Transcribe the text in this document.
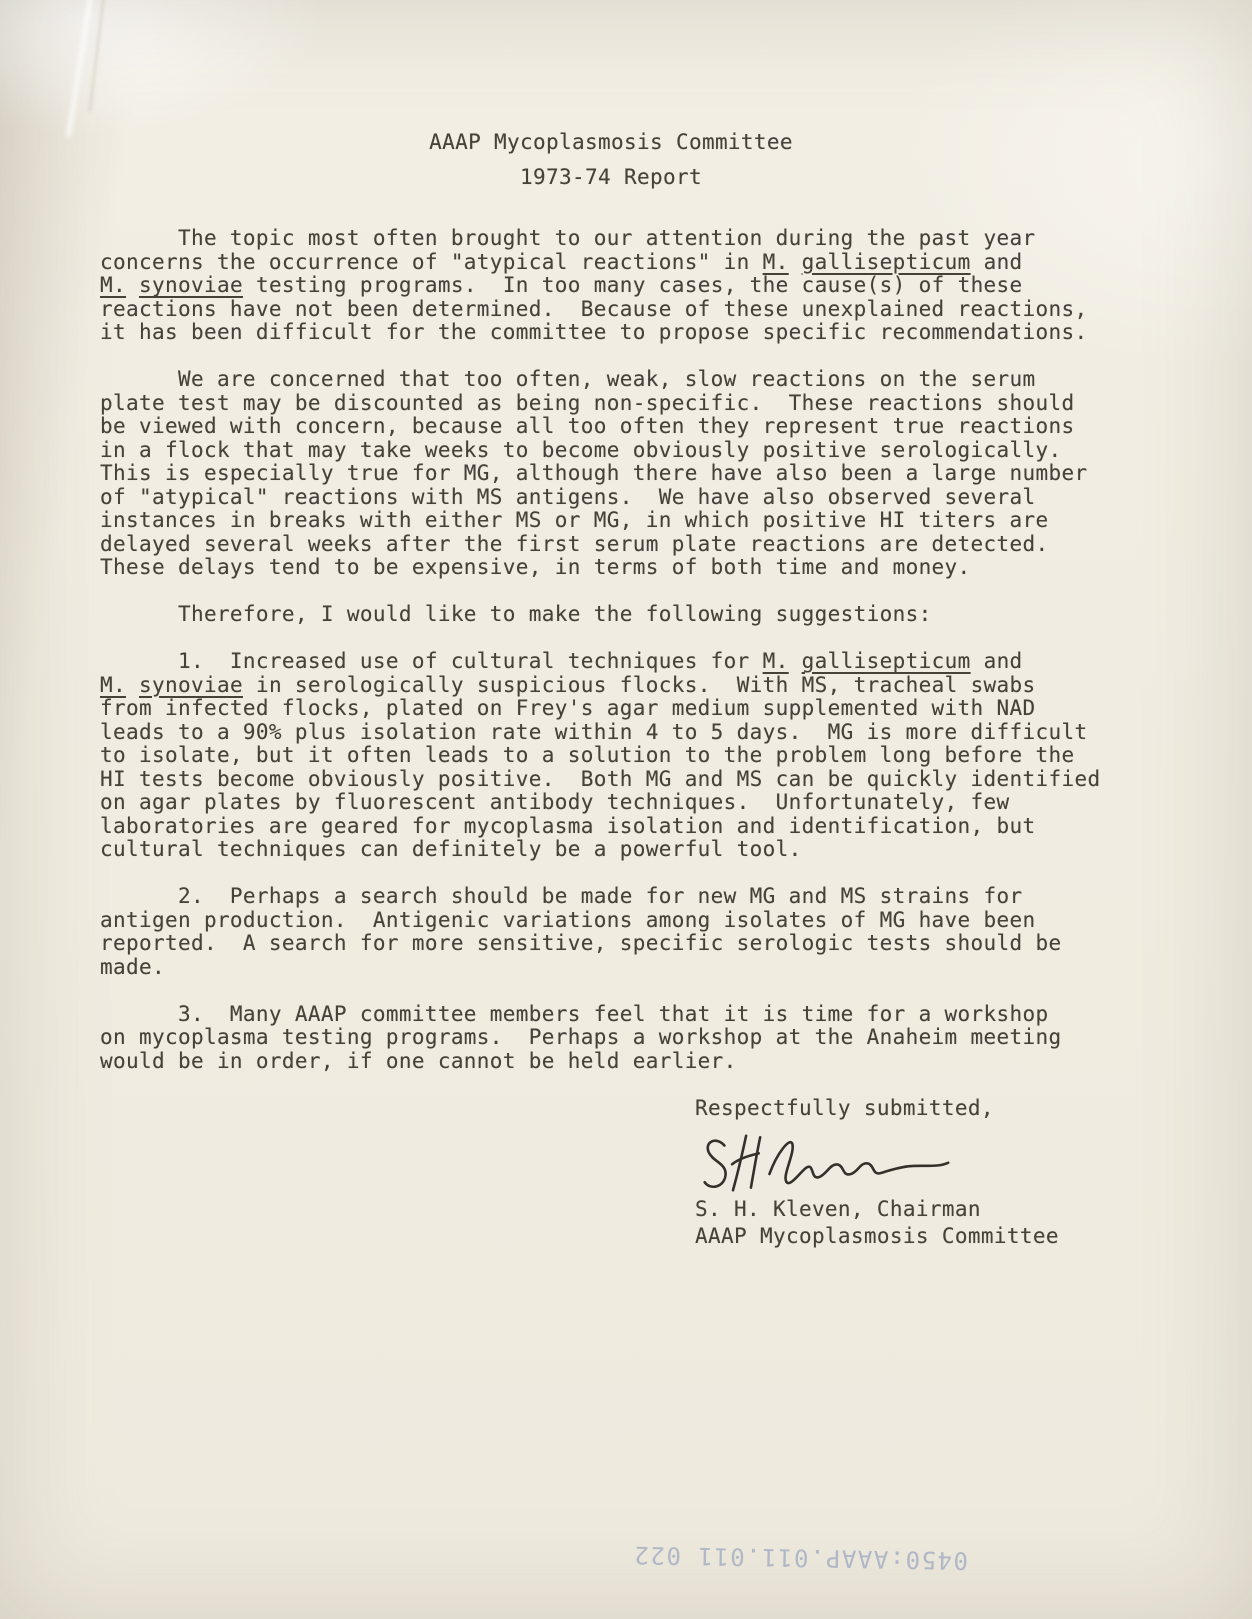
AAAP Mycoplasmosis Committee
1973-74 Report
The topic most often brought to our attention during the past year
concerns the occurrence of "atypical reactions" in M. gallisepticum and
M. synoviae testing programs.  In too many cases, the cause(s) of these
reactions have not been determined.  Because of these unexplained reactions,
it has been difficult for the committee to propose specific recommendations.
We are concerned that too often, weak, slow reactions on the serum
plate test may be discounted as being non-specific.  These reactions should
be viewed with concern, because all too often they represent true reactions
in a flock that may take weeks to become obviously positive serologically.
This is especially true for MG, although there have also been a large number
of "atypical" reactions with MS antigens.  We have also observed several
instances in breaks with either MS or MG, in which positive HI titers are
delayed several weeks after the first serum plate reactions are detected.
These delays tend to be expensive, in terms of both time and money.
Therefore, I would like to make the following suggestions:
1.  Increased use of cultural techniques for M. gallisepticum and
M. synoviae in serologically suspicious flocks.  With MS, tracheal swabs
from infected flocks, plated on Frey's agar medium supplemented with NAD
leads to a 90% plus isolation rate within 4 to 5 days.  MG is more difficult
to isolate, but it often leads to a solution to the problem long before the
HI tests become obviously positive.  Both MG and MS can be quickly identified
on agar plates by fluorescent antibody techniques.  Unfortunately, few
laboratories are geared for mycoplasma isolation and identification, but
cultural techniques can definitely be a powerful tool.
2.  Perhaps a search should be made for new MG and MS strains for
antigen production.  Antigenic variations among isolates of MG have been
reported.  A search for more sensitive, specific serologic tests should be
made.
3.  Many AAAP committee members feel that it is time for a workshop
on mycoplasma testing programs.  Perhaps a workshop at the Anaheim meeting
would be in order, if one cannot be held earlier.
Respectfully submitted,
S. H. Kleven, Chairman
AAAP Mycoplasmosis Committee
0450:AAAP.011.011 022
